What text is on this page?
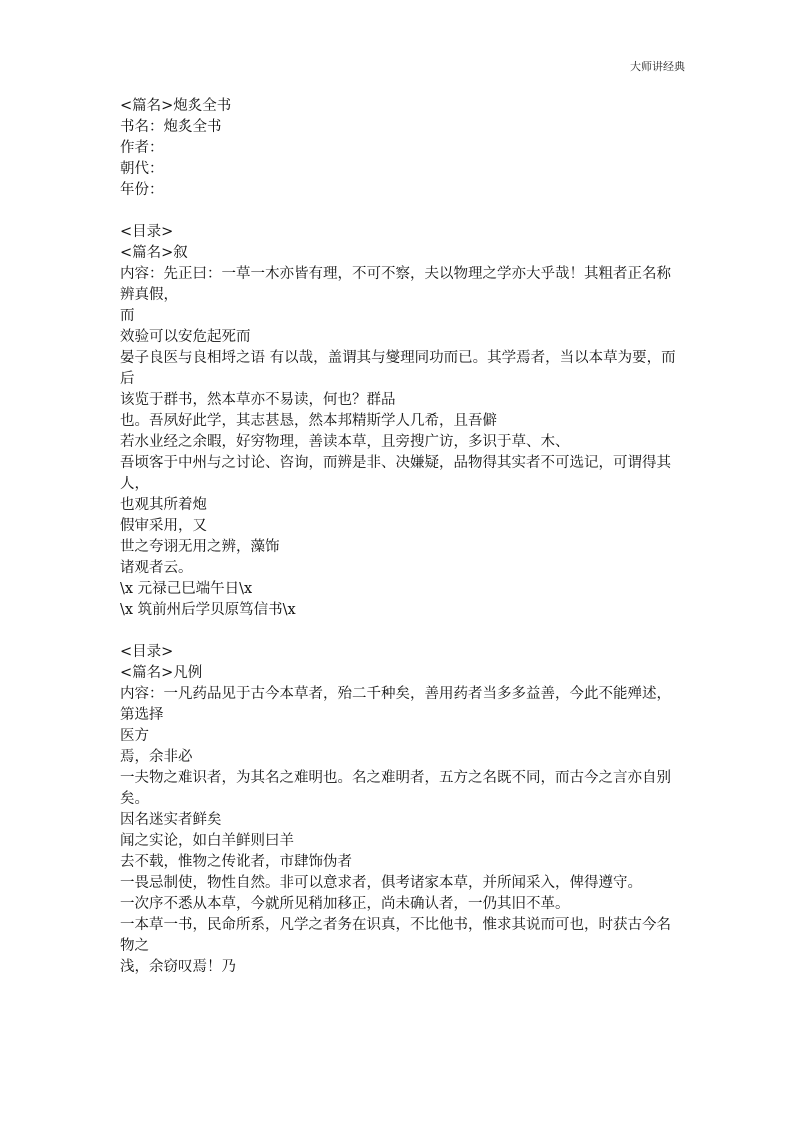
大师讲经典
<篇名>炮炙全书
书名：炮炙全书
作者：
朝代：
年份：
<目录>
<篇名>叙
内容：先正曰：一草一木亦皆有理，不可不察，夫以物理之学亦大乎哉！其粗者正名称辨真假，
而
效验可以安危起死而
晏子良医与良相埒之语 有以哉，盖谓其与燮理同功而已。其学焉者，当以本草为要，而后
该览于群书，然本草亦不易读，何也？群品
也。吾夙好此学，其志甚恳，然本邦精斯学人几希，且吾僻
若水业经之余暇，好穷物理，善读本草，且旁搜广访，多识于草、木、
吾顷客于中州与之讨论、咨询，而辨是非、决嫌疑，品物得其实者不可选记，可谓得其人，
也观其所着炮
假审采用，又
世之夸诩无用之辨，藻饰
诸观者云。
\x 元禄己巳端午日\x
\x 筑前州后学贝原笃信书\x
<目录>
<篇名>凡例
内容：一凡药品见于古今本草者，殆二千种矣，善用药者当多多益善，今此不能殚述，第选择
医方
焉，余非必
一夫物之难识者，为其名之难明也。名之难明者，五方之名既不同，而古今之言亦自别
矣。
因名迷实者鲜矣
闻之实论，如白羊鲜则曰羊
去不载，惟物之传讹者，市肆饰伪者
一畏忌制使，物性自然。非可以意求者，俱考诸家本草，并所闻采入，俾得遵守。
一次序不悉从本草，今就所见稍加移正，尚未确认者，一仍其旧不革。
一本草一书，民命所系，凡学之者务在识真，不比他书，惟求其说而可也，时获古今名
物之
浅，余窃叹焉！乃
